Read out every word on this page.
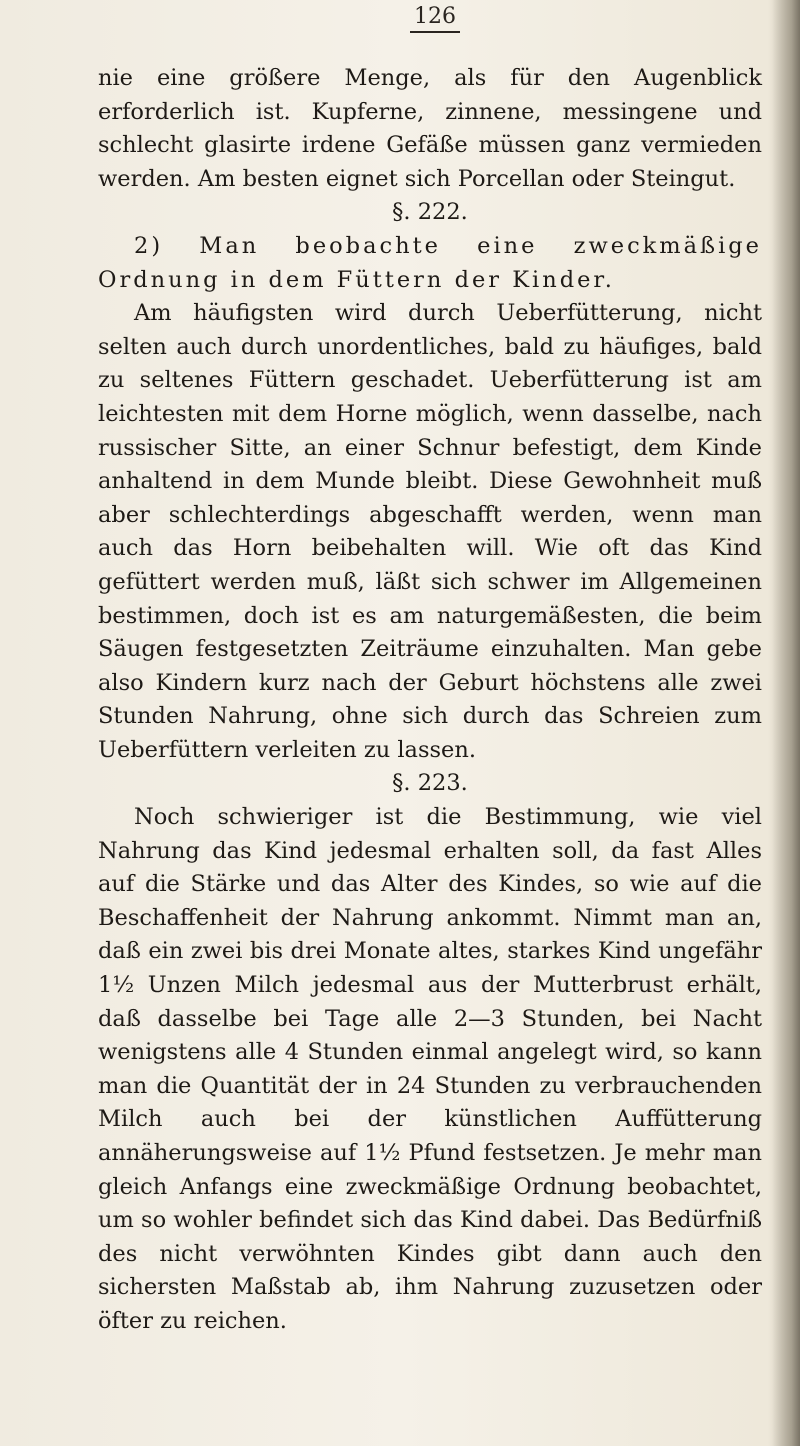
126

nie eine größere Menge, als für den Augenblick erforderlich ist. Kupferne, zinnene, messingene und schlecht glasirte irdene Gefäße müssen ganz vermieden werden. Am besten eignet sich Porcellan oder Steingut.

§. 222.

2) Man beobachte eine zweckmäßige Ordnung in dem Füttern der Kinder.

Am häufigsten wird durch Ueberfütterung, nicht selten auch durch unordentliches, bald zu häufiges, bald zu seltenes Füttern geschadet. Ueberfütterung ist am leichtesten mit dem Horne möglich, wenn dasselbe, nach russischer Sitte, an einer Schnur befestigt, dem Kinde anhaltend in dem Munde bleibt. Diese Gewohnheit muß aber schlechterdings abgeschafft werden, wenn man auch das Horn beibehalten will. Wie oft das Kind gefüttert werden muß, läßt sich schwer im Allgemeinen bestimmen, doch ist es am naturgemäßesten, die beim Säugen festgesetzten Zeiträume einzuhalten. Man gebe also Kindern kurz nach der Geburt höchstens alle zwei Stunden Nahrung, ohne sich durch das Schreien zum Ueberfüttern verleiten zu lassen.

§. 223.

Noch schwieriger ist die Bestimmung, wie viel Nahrung das Kind jedesmal erhalten soll, da fast Alles auf die Stärke und das Alter des Kindes, so wie auf die Beschaffenheit der Nahrung ankommt. Nimmt man an, daß ein zwei bis drei Monate altes, starkes Kind ungefähr 1½ Unzen Milch jedesmal aus der Mutterbrust erhält, daß dasselbe bei Tage alle 2—3 Stunden, bei Nacht wenigstens alle 4 Stunden einmal angelegt wird, so kann man die Quantität der in 24 Stunden zu verbrauchenden Milch auch bei der künstlichen Auffütterung annäherungsweise auf 1½ Pfund festsetzen. Je mehr man gleich Anfangs eine zweckmäßige Ordnung beobachtet, um so wohler befindet sich das Kind dabei. Das Bedürfniß des nicht verwöhnten Kindes gibt dann auch den sichersten Maßstab ab, ihm Nahrung zuzusetzen oder öfter zu reichen.
